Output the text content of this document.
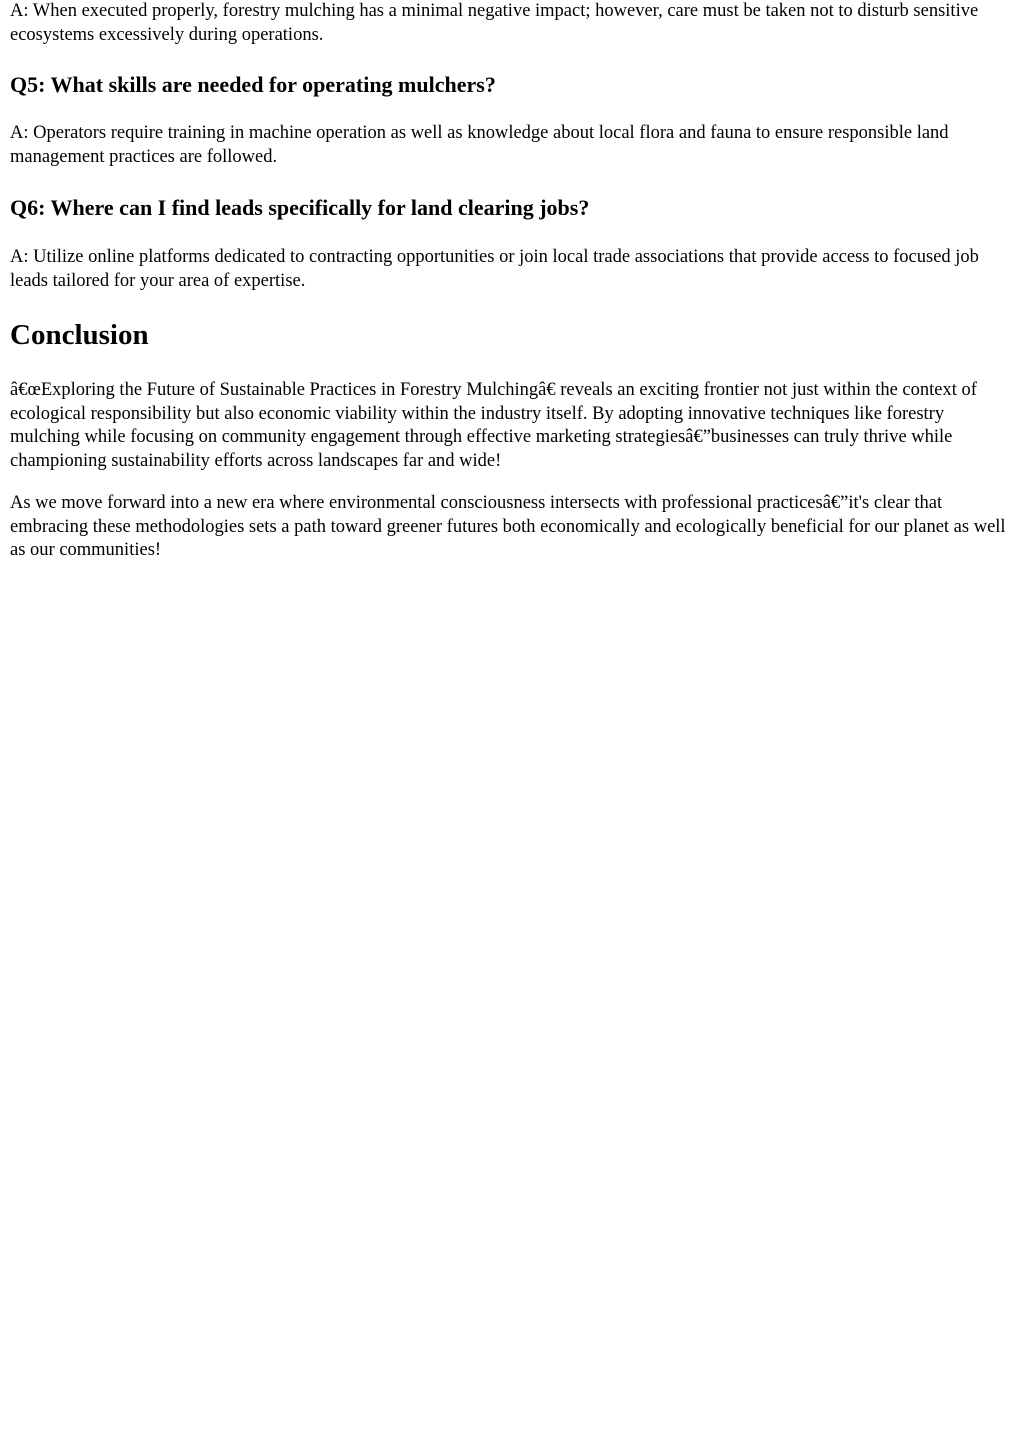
A: When executed properly, forestry mulching has a minimal negative impact; however, care must be taken not to disturb sensitive ecosystems excessively during operations.

Q5: What skills are needed for operating mulchers?

A: Operators require training in machine operation as well as knowledge about local flora and fauna to ensure responsible land management practices are followed.

Q6: Where can I find leads specifically for land clearing jobs?

A: Utilize online platforms dedicated to contracting opportunities or join local trade associations that provide access to focused job leads tailored for your area of expertise.

Conclusion

â€œExploring the Future of Sustainable Practices in Forestry Mulchingâ€ reveals an exciting frontier not just within the context of ecological responsibility but also economic viability within the industry itself. By adopting innovative techniques like forestry mulching while focusing on community engagement through effective marketing strategiesâ€”businesses can truly thrive while championing sustainability efforts across landscapes far and wide!

As we move forward into a new era where environmental consciousness intersects with professional practicesâ€”it's clear that embracing these methodologies sets a path toward greener futures both economically and ecologically beneficial for our planet as well as our communities!
